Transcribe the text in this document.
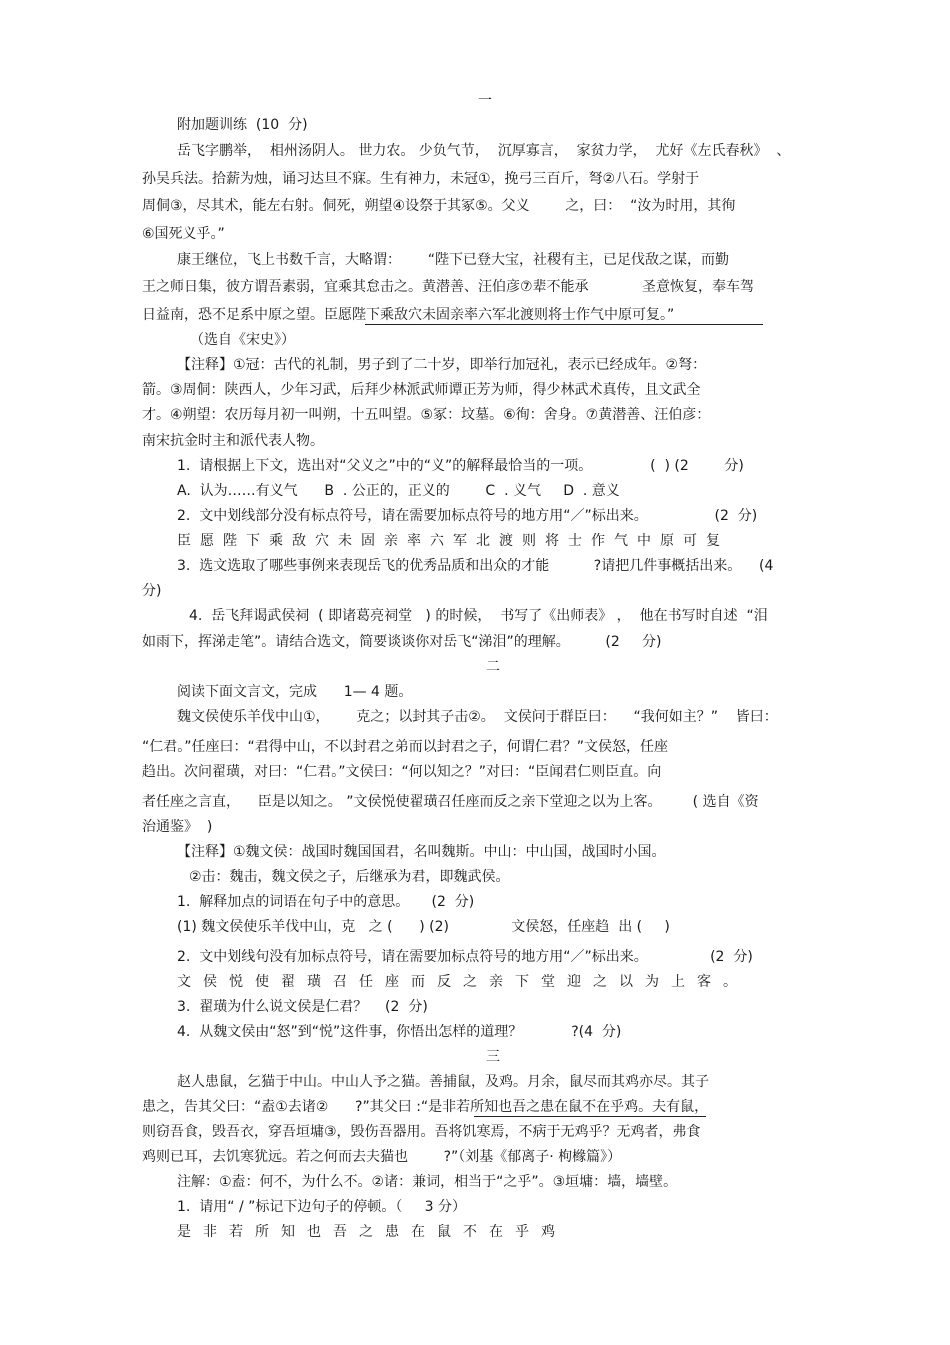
一

附加题训练  (10  分)

岳飞字鹏举，  相州汤阴人。 世力农。 少负气节，  沉厚寡言，  家贫力学，  尤好《左氏春秋》  、

孙吴兵法。拾薪为烛，诵习达旦不寐。生有神力，未冠①，挽弓三百斤，弩②八石。学射于

周侗③，尽其术，能左右射。侗死，朔望④设祭于其冢⑤。父义        之，曰：  “汝为时用，其徇

⑥国死义乎。”

康王继位，飞上书数千言，大略谓：      “陛下已登大宝，社稷有主，已足伐敌之谋，而勤

王之师日集，彼方谓吾素弱，宜乘其怠击之。黄潜善、汪伯彦⑦辈不能承            圣意恢复，奉车驾

日益南，恐不足系中原之望。臣愿陛下乘敌穴未固亲率六军北渡则将士作气中原可复。”

（选自《宋史》）

【注释】①冠：古代的礼制，男子到了二十岁，即举行加冠礼，表示已经成年。②弩：

箭。③周侗：陕西人，少年习武，后拜少林派武师谭正芳为师，得少林武术真传，且文武全

才。④朔望：农历每月初一叫朔，十五叫望。⑤冢：坟墓。⑥徇：舍身。⑦黄潜善、汪伯彦：

南宋抗金时主和派代表人物。

1.  请根据上下文，选出对“父义之”中的“义”的解释最恰当的一项。             (  ) (2        分)

A.  认为……有义气      B  . 公正的，正义的        C  . 义气     D  . 意义

2.  文中划线部分没有标点符号，请在需要加标点符号的地方用“／”标出来。               (2  分)

臣愿陛下乘敌穴未固亲率六军北渡则将士作气中原可复

3.  选文选取了哪些事例来表现岳飞的优秀品质和出众的才能          ?请把几件事概括出来。    (4

分)

4.  岳飞拜谒武侯祠  ( 即诸葛亮祠堂   ) 的时候，  书写了《出师表》 ，  他在书写时自述  “泪

如雨下，挥涕走笔”。请结合选文，简要谈谈你对岳飞“涕泪”的理解。        (2     分)

二

阅读下面文言文，完成      1— 4 题。

魏文侯使乐羊伐中山①，      克之；以封其子击②。  文侯问于群臣曰：    “我何如主？”    皆曰：

“仁君。”任座曰：“君得中山，不以封君之弟而以封君之子，何谓仁君？”文侯怒，任座

趋出。次问翟璜，对曰：“仁君。”文侯曰：“何以知之？”对曰：“臣闻君仁则臣直。向

者任座之言直，    臣是以知之。 ”文侯悦使翟璜召任座而反之亲下堂迎之以为上客。       ( 选自《资

治通鉴》  )

【注释】①魏文侯：战国时魏国国君，名叫魏斯。中山：中山国，战国时小国。

②击：魏击，魏文侯之子，后继承为君，即魏武侯。

1.  解释加点的词语在句子中的意思。     (2  分)

(1) 魏文侯使乐羊伐中山，克   之 (      ) (2)              文侯怒，任座趋  出 (     )

2.  文中划线句没有加标点符号，请在需要加标点符号的地方用“／”标出来。              (2  分)

文侯悦使翟璜召任座而反之亲下堂迎之以为上客。

3.  翟璜为什么说文侯是仁君？    (2  分)

4.  从魏文侯由“怒”到“悦”这件事，你悟出怎样的道理？           ?(4  分)

三

赵人患鼠，乞猫于中山。中山人予之猫。善捕鼠，及鸡。月余，鼠尽而其鸡亦尽。其子

患之，告其父曰：“盍①去诸②      ?”其父曰 :“是非若所知也吾之患在鼠不在乎鸡。夫有鼠，

则窃吾食，毁吾衣，穿吾垣墉③，毁伤吾器用。吾将饥寒焉，不病于无鸡乎？无鸡者，弗食

鸡则已耳，去饥寒犹远。若之何而去夫猫也        ?”（刘基《郁离子· 枸橼篇》）

注解：①盍：何不，为什么不。②诸：兼词，相当于“之乎”。③垣墉：墙，墙壁。

1.  请用“ / ”标记下边句子的停顿。（     3 分）

是非若所知也吾之患在鼠不在乎鸡
